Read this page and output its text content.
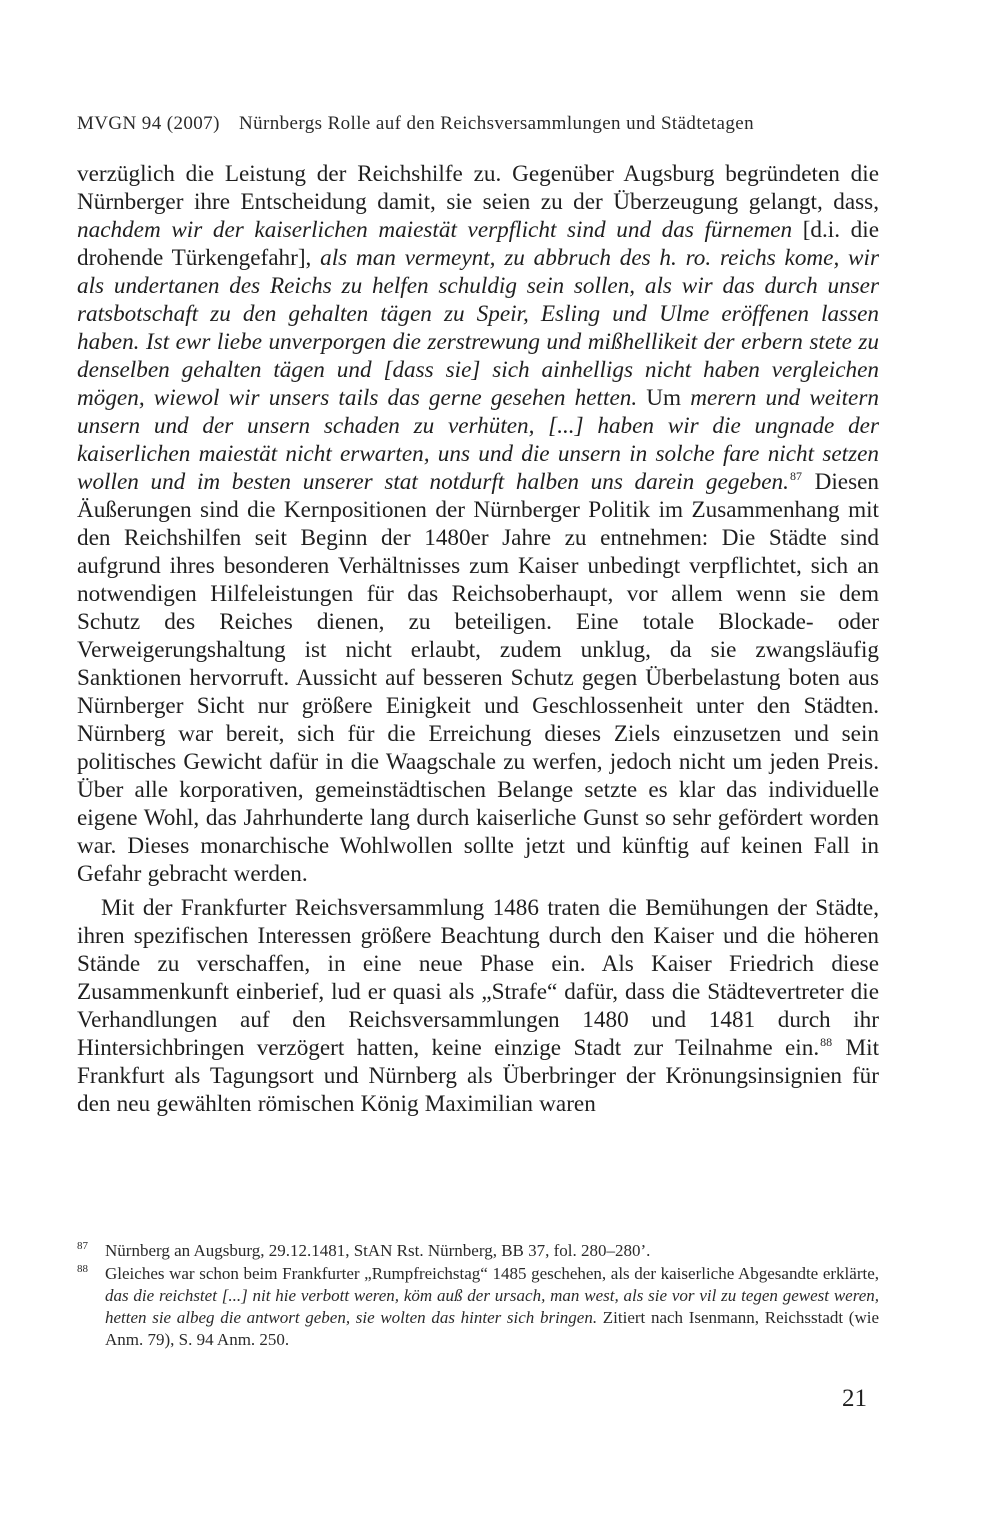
MVGN 94 (2007) Nürnbergs Rolle auf den Reichsversammlungen und Städtetagen

verzüglich die Leistung der Reichshilfe zu. Gegenüber Augsburg begründeten die Nürnberger ihre Entscheidung damit, sie seien zu der Überzeugung gelangt, dass, nachdem wir der kaiserlichen maiestät verpflicht sind und das fürnemen [d.i. die drohende Türkengefahr], als man vermeynt, zu abbruch des h. ro. reichs kome, wir als undertanen des Reichs zu helfen schuldig sein sollen, als wir das durch unser ratsbotschaft zu den gehalten tägen zu Speir, Esling und Ulme eröffenen lassen haben. Ist ewr liebe unverporgen die zerstrewung und mißhellikeit der erbern stete zu denselben gehalten tägen und [dass sie] sich ainhelligs nicht haben vergleichen mögen, wiewol wir unsers tails das gerne gesehen hetten. Um merern und weitern unsern und der unsern schaden zu verhüten, [...] haben wir die ungnade der kaiserlichen maiestät nicht erwarten, uns und die unsern in solche fare nicht setzen wollen und im besten unserer stat notdurft halben uns darein gegeben.$^{87}$ Diesen Äußerungen sind die Kernpositionen der Nürnberger Politik im Zusammenhang mit den Reichshilfen seit Beginn der 1480er Jahre zu entnehmen: Die Städte sind aufgrund ihres besonderen Verhältnisses zum Kaiser unbedingt verpflichtet, sich an notwendigen Hilfeleistungen für das Reichsoberhaupt, vor allem wenn sie dem Schutz des Reiches dienen, zu beteiligen. Eine totale Blockade- oder Verweigerungshaltung ist nicht erlaubt, zudem unklug, da sie zwangsläufig Sanktionen hervorruft. Aussicht auf besseren Schutz gegen Überbelastung boten aus Nürnberger Sicht nur größere Einigkeit und Geschlossenheit unter den Städten. Nürnberg war bereit, sich für die Erreichung dieses Ziels einzusetzen und sein politisches Gewicht dafür in die Waagschale zu werfen, jedoch nicht um jeden Preis. Über alle korporativen, gemeinstädtischen Belange setzte es klar das individuelle eigene Wohl, das Jahrhunderte lang durch kaiserliche Gunst so sehr gefördert worden war. Dieses monarchische Wohlwollen sollte jetzt und künftig auf keinen Fall in Gefahr gebracht werden.

Mit der Frankfurter Reichsversammlung 1486 traten die Bemühungen der Städte, ihren spezifischen Interessen größere Beachtung durch den Kaiser und die höheren Stände zu verschaffen, in eine neue Phase ein. Als Kaiser Friedrich diese Zusammenkunft einberief, lud er quasi als „Strafe“ dafür, dass die Städtevertreter die Verhandlungen auf den Reichsversammlungen 1480 und 1481 durch ihr Hintersichbringen verzögert hatten, keine einzige Stadt zur Teilnahme ein.$^{88}$ Mit Frankfurt als Tagungsort und Nürnberg als Überbringer der Krönungsinsignien für den neu gewählten römischen König Maximilian waren

87 Nürnberg an Augsburg, 29.12.1481, StAN Rst. Nürnberg, BB 37, fol. 280–280’.
88 Gleiches war schon beim Frankfurter „Rumpfreichstag“ 1485 geschehen, als der kaiserliche Abgesandte erklärte, das die reichstet [...] nit hie verbott weren, köm auß der ursach, man west, als sie vor vil zu tegen gewest weren, hetten sie albeg die antwort geben, sie wolten das hinter sich bringen. Zitiert nach Isenmann, Reichsstadt (wie Anm. 79), S. 94 Anm. 250.
21
